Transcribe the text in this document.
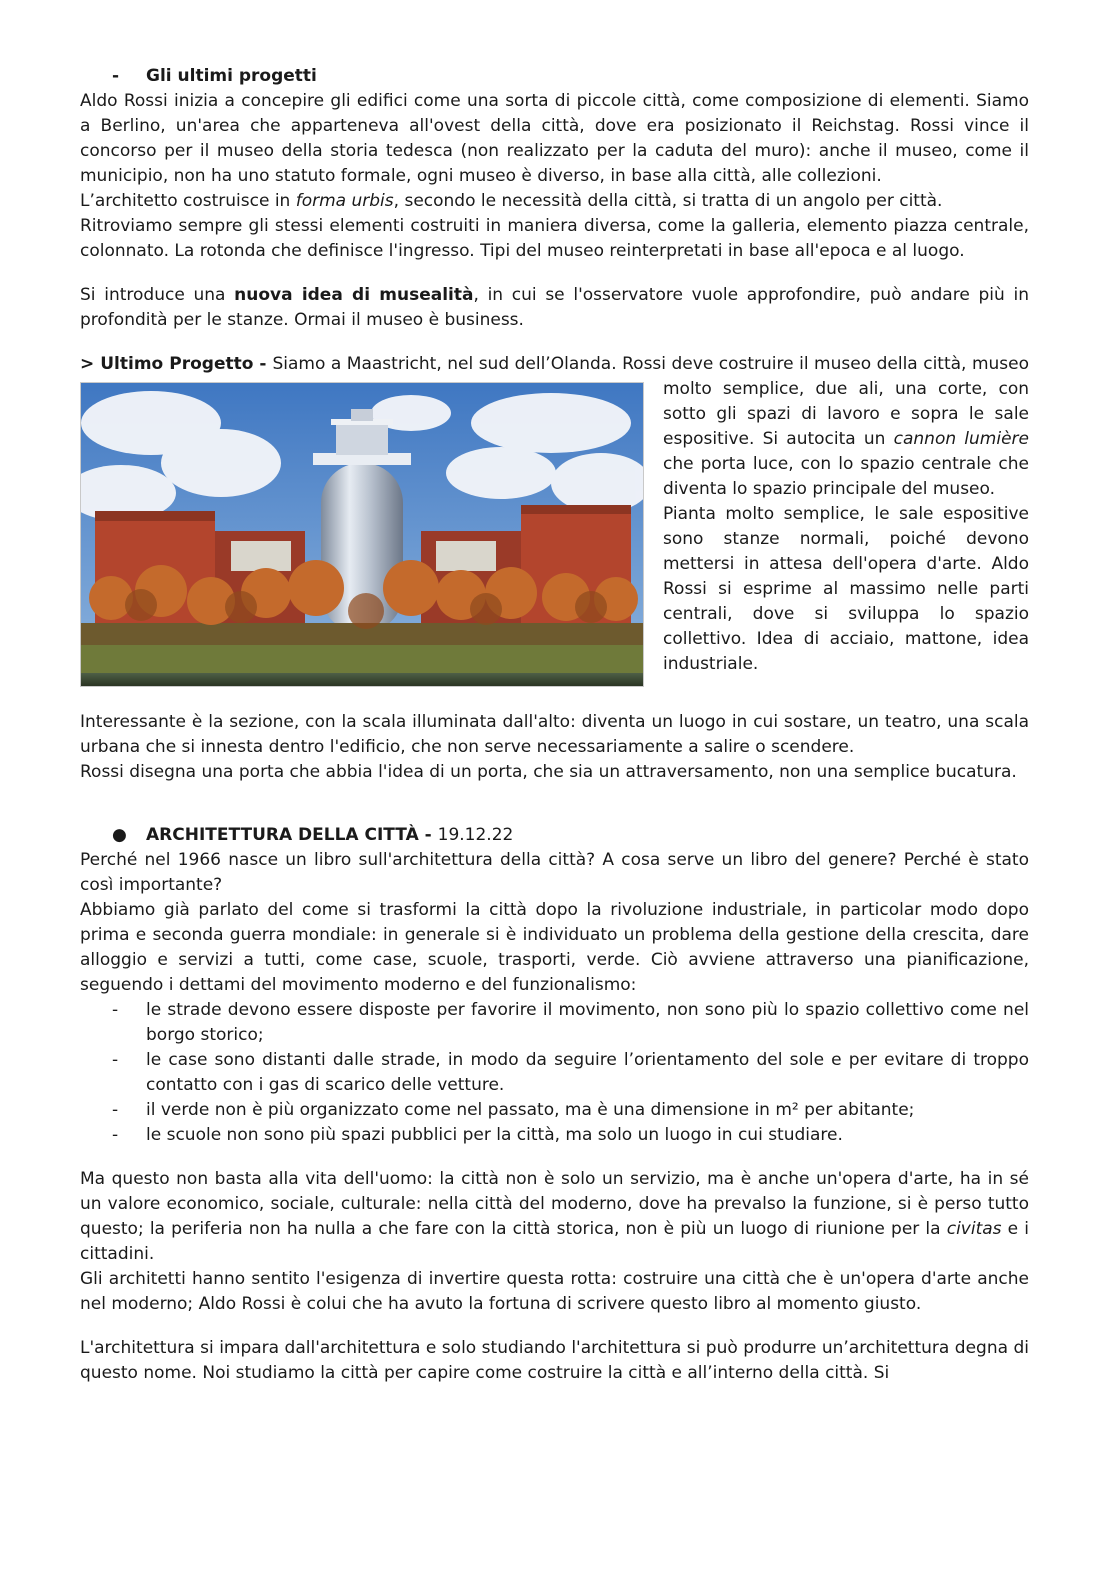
- Gli ultimi progetti

Aldo Rossi inizia a concepire gli edifici come una sorta di piccole città, come composizione di elementi. Siamo a Berlino, un'area che apparteneva all'ovest della città, dove era posizionato il Reichstag. Rossi vince il concorso per il museo della storia tedesca (non realizzato per la caduta del muro): anche il museo, come il municipio, non ha uno statuto formale, ogni museo è diverso, in base alla città, alle collezioni.

L’architetto costruisce in forma urbis, secondo le necessità della città, si tratta di un angolo per città.

Ritroviamo sempre gli stessi elementi costruiti in maniera diversa, come la galleria, elemento piazza centrale, colonnato. La rotonda che definisce l'ingresso. Tipi del museo reinterpretati in base all'epoca e al luogo.

Si introduce una nuova idea di musealità, in cui se l'osservatore vuole approfondire, può andare più in profondità per le stanze. Ormai il museo è business.

> Ultimo Progetto - Siamo a Maastricht, nel sud dell’Olanda. Rossi deve costruire il museo della città,
museo molto semplice, due ali, una corte, con sotto gli spazi di lavoro e sopra le sale espositive. Si autocita un cannon lumière che porta luce, con lo spazio centrale che diventa lo spazio principale del museo.

Pianta molto semplice, le sale espositive sono stanze normali, poiché devono mettersi in attesa dell'opera d'arte. Aldo Rossi si esprime al massimo nelle parti centrali, dove si sviluppa lo spazio collettivo. Idea di acciaio, mattone, idea industriale.

Interessante è la sezione, con la scala illuminata dall'alto: diventa un luogo in cui sostare, un teatro, una scala urbana che si innesta dentro l'edificio, che non serve necessariamente a salire o scendere.

Rossi disegna una porta che abbia l'idea di un porta, che sia un attraversamento, non una semplice bucatura.

● ARCHITETTURA DELLA CITTÀ - 19.12.22

Perché nel 1966 nasce un libro sull'architettura della città? A cosa serve un libro del genere? Perché è stato così importante?

Abbiamo già parlato del come si trasformi la città dopo la rivoluzione industriale, in particolar modo dopo prima e seconda guerra mondiale: in generale si è individuato un problema della gestione della crescita, dare alloggio e servizi a tutti, come case, scuole, trasporti, verde. Ciò avviene attraverso una pianificazione, seguendo i dettami del movimento moderno e del funzionalismo:

- le strade devono essere disposte per favorire il movimento, non sono più lo spazio collettivo come nel borgo storico;
- le case sono distanti dalle strade, in modo da seguire l’orientamento del sole e per evitare di troppo contatto con i gas di scarico delle vetture.
- il verde non è più organizzato come nel passato, ma è una dimensione in m² per abitante;
- le scuole non sono più spazi pubblici per la città, ma solo un luogo in cui studiare.

Ma questo non basta alla vita dell'uomo: la città non è solo un servizio, ma è anche un'opera d'arte, ha in sé un valore economico, sociale, culturale: nella città del moderno, dove ha prevalso la funzione, si è perso tutto questo; la periferia non ha nulla a che fare con la città storica, non è più un luogo di riunione per la civitas e i cittadini.

Gli architetti hanno sentito l'esigenza di invertire questa rotta: costruire una città che è un'opera d'arte anche nel moderno; Aldo Rossi è colui che ha avuto la fortuna di scrivere questo libro al momento giusto.

L'architettura si impara dall'architettura e solo studiando l'architettura si può produrre un’architettura degna di questo nome. Noi studiamo la città per capire come costruire la città e all’interno della città. Si
